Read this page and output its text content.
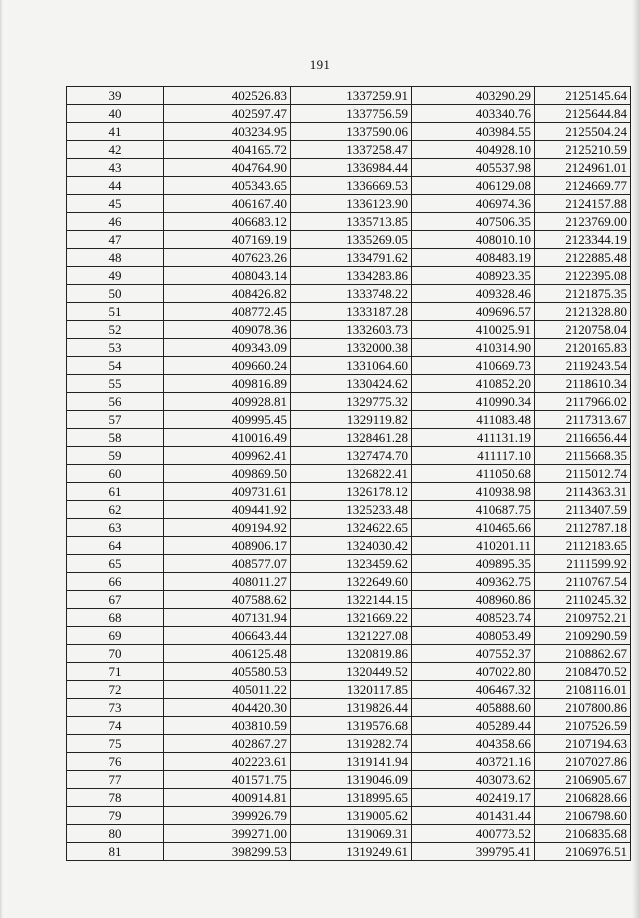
191
39	402526.83	1337259.91	403290.29	2125145.64
40	402597.47	1337756.59	403340.76	2125644.84
41	403234.95	1337590.06	403984.55	2125504.24
42	404165.72	1337258.47	404928.10	2125210.59
43	404764.90	1336984.44	405537.98	2124961.01
44	405343.65	1336669.53	406129.08	2124669.77
45	406167.40	1336123.90	406974.36	2124157.88
46	406683.12	1335713.85	407506.35	2123769.00
47	407169.19	1335269.05	408010.10	2123344.19
48	407623.26	1334791.62	408483.19	2122885.48
49	408043.14	1334283.86	408923.35	2122395.08
50	408426.82	1333748.22	409328.46	2121875.35
51	408772.45	1333187.28	409696.57	2121328.80
52	409078.36	1332603.73	410025.91	2120758.04
53	409343.09	1332000.38	410314.90	2120165.83
54	409660.24	1331064.60	410669.73	2119243.54
55	409816.89	1330424.62	410852.20	2118610.34
56	409928.81	1329775.32	410990.34	2117966.02
57	409995.45	1329119.82	411083.48	2117313.67
58	410016.49	1328461.28	411131.19	2116656.44
59	409962.41	1327474.70	411117.10	2115668.35
60	409869.50	1326822.41	411050.68	2115012.74
61	409731.61	1326178.12	410938.98	2114363.31
62	409441.92	1325233.48	410687.75	2113407.59
63	409194.92	1324622.65	410465.66	2112787.18
64	408906.17	1324030.42	410201.11	2112183.65
65	408577.07	1323459.62	409895.35	2111599.92
66	408011.27	1322649.60	409362.75	2110767.54
67	407588.62	1322144.15	408960.86	2110245.32
68	407131.94	1321669.22	408523.74	2109752.21
69	406643.44	1321227.08	408053.49	2109290.59
70	406125.48	1320819.86	407552.37	2108862.67
71	405580.53	1320449.52	407022.80	2108470.52
72	405011.22	1320117.85	406467.32	2108116.01
73	404420.30	1319826.44	405888.60	2107800.86
74	403810.59	1319576.68	405289.44	2107526.59
75	402867.27	1319282.74	404358.66	2107194.63
76	402223.61	1319141.94	403721.16	2107027.86
77	401571.75	1319046.09	403073.62	2106905.67
78	400914.81	1318995.65	402419.17	2106828.66
79	399926.79	1319005.62	401431.44	2106798.60
80	399271.00	1319069.31	400773.52	2106835.68
81	398299.53	1319249.61	399795.41	2106976.51
